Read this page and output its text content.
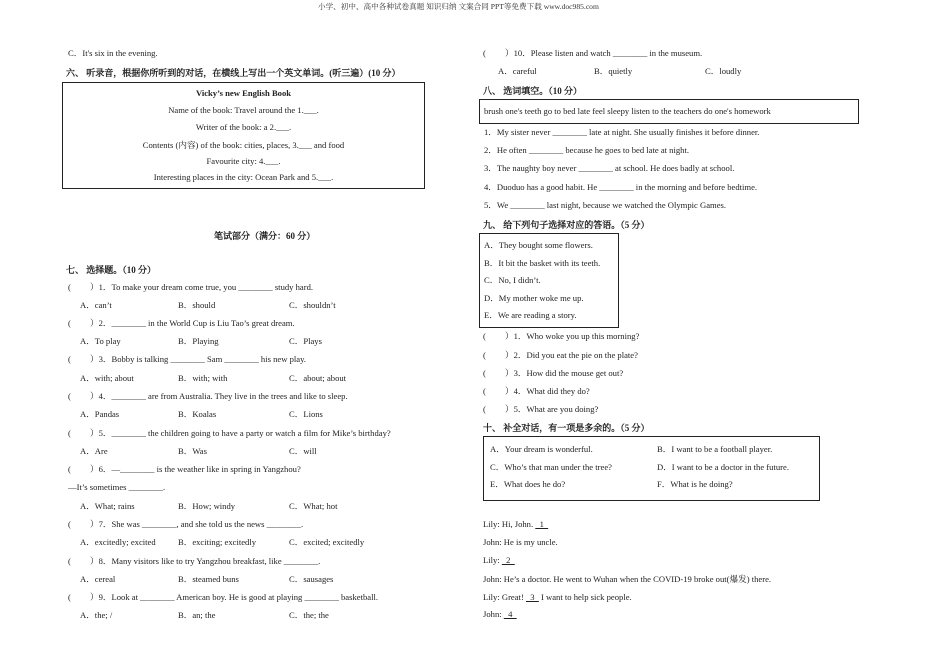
小学、初中、高中各种试卷真题 知识归纳 文案合同 PPT等免费下载 www.doc985.com
C．It's six in the evening.
六、 听录音，根据你所听到的对话，在横线上写出一个英文单词。(听三遍）(10 分）
Vicky’s new English Book
Name of the book: Travel around the 1.___.
Writer of the book: a 2.___.
Contents (内容) of the book: cities, places, 3.___ and food
Favourite city: 4.___.
Interesting places in the city: Ocean Park and 5.___.
笔试部分（满分：60 分）
七、 选择题。（10 分）
( ）1．To make your dream come true, you ________ study hard.
A．can’t	B．should	C．shouldn’t
( ）2．________ in the World Cup is Liu Tao’s great dream.
A．To play	B．Playing	C．Plays
( ）3．Bobby is talking ________ Sam ________ his new play.
A．with; about	B．with; with	C．about; about
( ）4．________ are from Australia. They live in the trees and like to sleep.
A．Pandas	B．Koalas	C．Lions
( ）5．________ the children going to have a party or watch a film for Mike’s birthday?
A．Are	B．Was	C．will
( ）6．—________ is the weather like in spring in Yangzhou?
—It’s sometimes ________.
A．What; rains	B．How; windy	C．What; hot
( ）7．She was ________, and she told us the news ________.
A．excitedly; excited	B．exciting; excitedly	C．excited; excitedly
( ）8．Many visitors like to try Yangzhou breakfast, like ________.
A．cereal	B．steamed buns	C．sausages
( ）9．Look at ________ American boy. He is good at playing ________ basketball.
A．the; /	B．an; the	C．the; the
( ）10．Please listen and watch ________ in the museum.
A．careful	B．quietly	C．loudly
八、 选词填空。（10 分）
brush one's teeth go to bed late feel sleepy listen to the teachers do one's homework
1．My sister never ________ late at night. She usually finishes it before dinner.
2．He often ________ because he goes to bed late at night.
3．The naughty boy never ________ at school. He does badly at school.
4．Duoduo has a good habit. He ________ in the morning and before bedtime.
5．We ________ last night, because we watched the Olympic Games.
九、 给下列句子选择对应的答语。（5 分）
A．They bought some flowers.
B．It bit the basket with its teeth.
C．No, I didn’t.
D．My mother woke me up.
E．We are reading a story.
( ）1．Who woke you up this morning?
( ）2．Did you eat the pie on the plate?
( ）3．How did the mouse get out?
( ）4．What did they do?
( ）5．What are you doing?
十、 补全对话，有一项是多余的。（5 分）
A．Your dream is wonderful.	B．I want to be a football player.
C．Who’s that man under the tree?	D．I want to be a doctor in the future.
E．What does he do?	F．What is he doing?
Lily: Hi, John.   1
John: He is my uncle.
Lily:   2
John: He’s a doctor. He went to Wuhan when the COVID-19 broke out(爆发) there.
Lily: Great!   3   I want to help sick people.
John:   4
